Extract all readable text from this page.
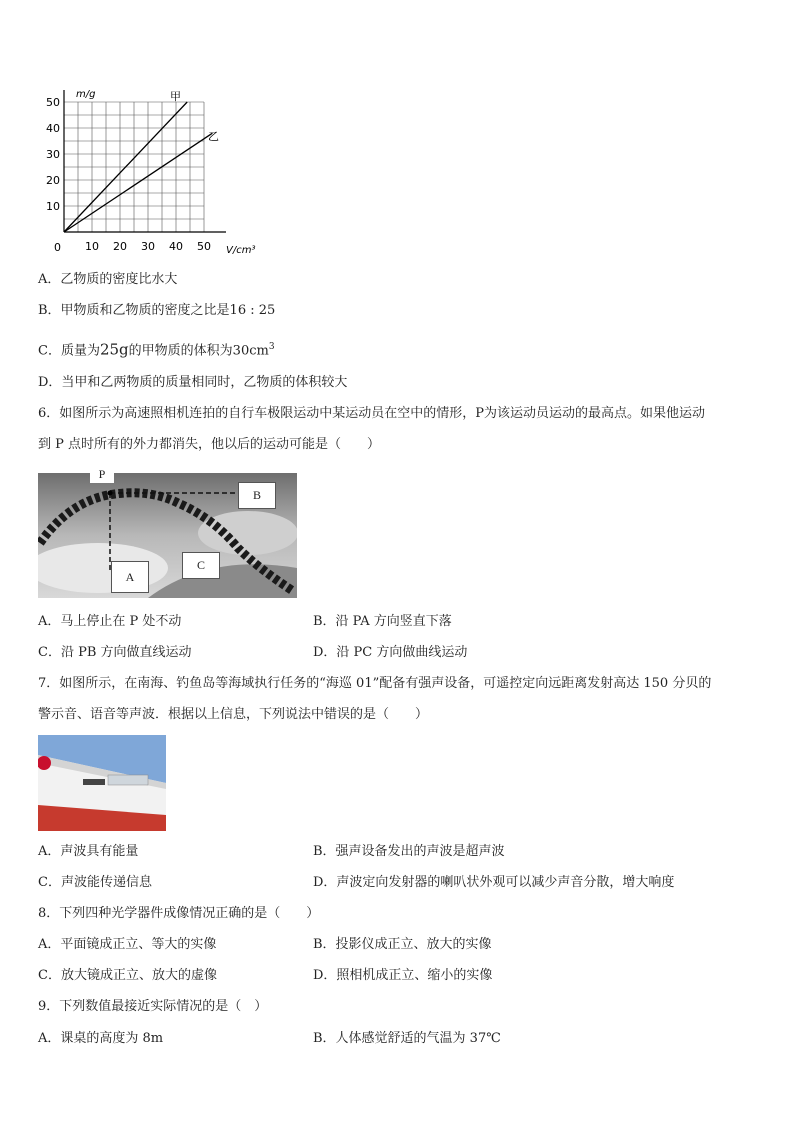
10 20 30 40 50
10
20
30
40
50
m/g
V/cm³
0
甲
乙
A．乙物质的密度比水大
B．甲物质和乙物质的密度之比是16 : 25
C．质量为25g的甲物质的体积为$30cm^3$
D．当甲和乙两物质的质量相同时，乙物质的体积较大
6．如图所示为高速照相机连拍的自行车极限运动中某运动员在空中的情形，P为该运动员运动的最高点。如果他运动
到 P 点时所有的外力都消失，他以后的运动可能是（　　）
P
B
C
A
A．马上停止在 P 处不动	B．沿 PA 方向竖直下落
C．沿 PB 方向做直线运动	D．沿 PC 方向做曲线运动
7．如图所示，在南海、钓鱼岛等海域执行任务的“海巡 01”配备有强声设备，可遥控定向远距离发射高达 150 分贝的
警示音、语音等声波．根据以上信息，下列说法中错误的是（　　）
A．声波具有能量	B．强声设备发出的声波是超声波
C．声波能传递信息	D．声波定向发射器的喇叭状外观可以减少声音分散，增大响度
8．下列四种光学器件成像情况正确的是（　　）
A．平面镜成正立、等大的实像	B．投影仪成正立、放大的实像
C．放大镜成正立、放大的虚像	D．照相机成正立、缩小的实像
9．下列数值最接近实际情况的是（　）
A．课桌的高度为 8m	B．人体感觉舒适的气温为 37℃
